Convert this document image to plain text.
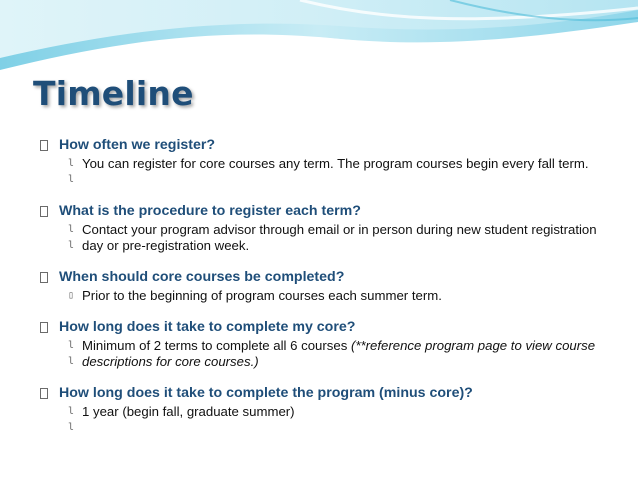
Timeline
How often we register?
l l
You can register for core courses any term. The program courses begin every fall term.
What is the procedure to register each term?
l l
Contact your program advisor through email or in person during new student registration day or pre-registration week.
When should core courses be completed?
▯ Prior to the beginning of program courses each summer term.
How long does it take to complete my core?
l l
Minimum of 2 terms to complete all 6 courses (**reference program page to view course descriptions for core courses.)
How long does it take to complete the program (minus core)?
l l
1 year (begin fall, graduate summer)
